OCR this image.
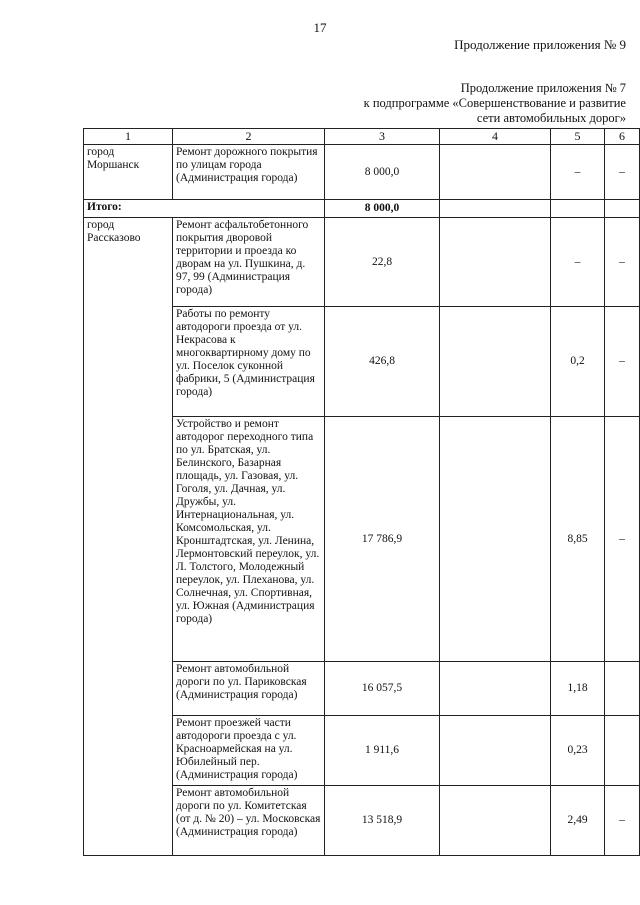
17
Продолжение приложения № 9
Продолжение приложения № 7
к подпрограмме «Совершенствование и развитие
сети автомобильных дорог»
1	2	3	4	5	6
город Моршанск	Ремонт дорожного покрытия по улицам города (Администрация города)	8 000,0		–	–
Итого:		8 000,0			
город Рассказово	Ремонт асфальтобетонного покрытия дворовой территории и проезда ко дворам на ул. Пушкина, д. 97, 99 (Администрация города)	22,8		–	–
	Работы по ремонту автодороги проезда от ул. Некрасова к многоквартирному дому по ул. Поселок суконной фабрики, 5 (Администрация города)	426,8		0,2	–
	Устройство и ремонт автодорог переходного типа по ул. Братская, ул. Белинского, Базарная площадь, ул. Газовая, ул. Гоголя, ул. Дачная, ул. Дружбы, ул. Интернациональная, ул. Комсомольская, ул. Кронштадтская, ул. Ленина, Лермонтовский переулок, ул. Л. Толстого, Молодежный переулок, ул. Плеханова, ул. Солнечная, ул. Спортивная, ул. Южная (Администрация города)	17 786,9		8,85	–
	Ремонт автомобильной дороги по ул. Париковская (Администрация города)	16 057,5		1,18	
	Ремонт проезжей части автодороги проезда с ул. Красноармейская на ул. Юбилейный пер. (Администрация города)	1 911,6		0,23	
	Ремонт автомобильной дороги по ул. Комитетская (от д. № 20) – ул. Московская (Администрация города)	13 518,9		2,49	–
